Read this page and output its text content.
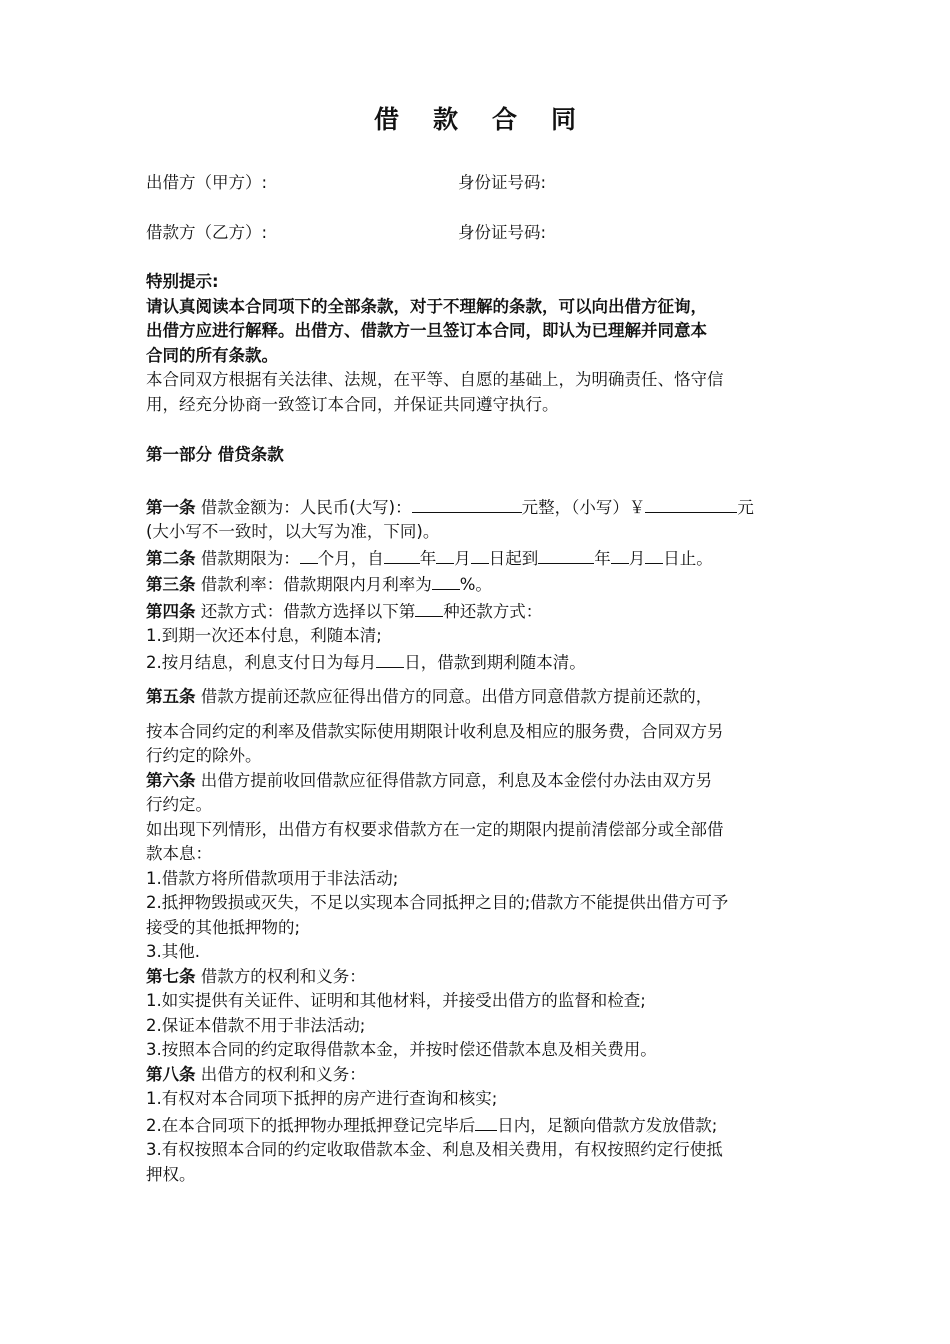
借 款 合 同
出借方（甲方）:	身份证号码:
借款方（乙方）:	身份证号码:
特别提示:
请认真阅读本合同项下的全部条款，对于不理解的条款，可以向出借方征询，
出借方应进行解释。出借方、借款方一旦签订本合同，即认为已理解并同意本
合同的所有条款。
本合同双方根据有关法律、法规，在平等、自愿的基础上，为明确责任、恪守信
用，经充分协商一致签订本合同，并保证共同遵守执行。
第一部分 借贷条款
第一条 借款金额为：人民币(大写)：	元整，（小写）￥	元
(大小写不一致时，以大写为准，下同)。
第二条 借款期限为： 个月，自 年 月 日起到	年 月 日止。
第三条 借款利率：借款期限内月利率为 %。
第四条 还款方式：借款方选择以下第 种还款方式：
1.到期一次还本付息，利随本清;
2.按月结息，利息支付日为每月 日，借款到期利随本清。
第五条 借款方提前还款应征得出借方的同意。出借方同意借款方提前还款的，
按本合同约定的利率及借款实际使用期限计收利息及相应的服务费，合同双方另
行约定的除外。
第六条 出借方提前收回借款应征得借款方同意，利息及本金偿付办法由双方另
行约定。
如出现下列情形，出借方有权要求借款方在一定的期限内提前清偿部分或全部借
款本息：
1.借款方将所借款项用于非法活动;
2.抵押物毁损或灭失，不足以实现本合同抵押之目的;借款方不能提供出借方可予
接受的其他抵押物的;
3.其他.
第七条 借款方的权利和义务：
1.如实提供有关证件、证明和其他材料，并接受出借方的监督和检查;
2.保证本借款不用于非法活动;
3.按照本合同的约定取得借款本金，并按时偿还借款本息及相关费用。
第八条 出借方的权利和义务：
1.有权对本合同项下抵押的房产进行查询和核实;
2.在本合同项下的抵押物办理抵押登记完毕后 日内，足额向借款方发放借款;
3.有权按照本合同的约定收取借款本金、利息及相关费用，有权按照约定行使抵
押权。
